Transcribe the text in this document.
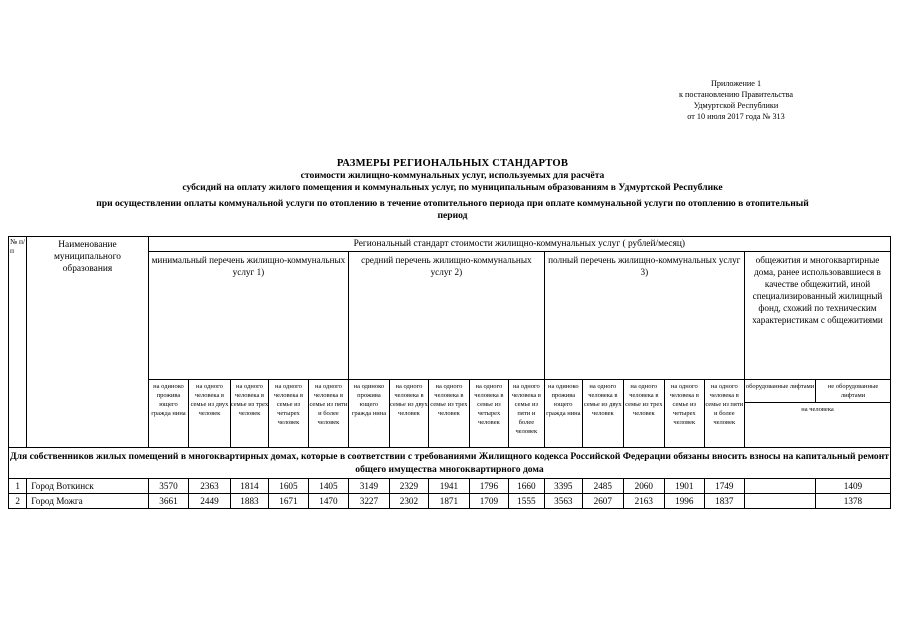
Приложение 1
к постановлению Правительства
Удмуртской Республики
от 10 июля 2017 года № 313
РАЗМЕРЫ РЕГИОНАЛЬНЫХ СТАНДАРТОВ
стоимости жилищно-коммунальных услуг, используемых для расчёта
субсидий на оплату жилого помещения и коммунальных услуг, по муниципальным образованиям в Удмуртской Республике
при осуществлении оплаты коммунальной услуги по отоплению в течение отопительного периода при оплате коммунальной услуги по отоплению в отопительный
период
№ п/п	Наименование муниципального образования	Региональный стандарт стоимости жилищно-коммунальных услуг ( рублей/месяц)																
		минимальный перечень жилищно-коммунальных услуг 1)					средний перечень жилищно-коммунальных услуг 2)					полный перечень жилищно-коммунальных услуг 3)					общежития и многоквартирные дома, ранее использовавшиеся в качестве общежитий, иной специализированный жилищный фонд, схожий по техническим характеристикам с общежитиями	
		на одиноко прожива ющего гражда нина	на одного человека в семье из двух человек	на одного человека в семье из трех человек	на одного человека в семье из четырех человек	на одного человека в семье из пяти и более человек	на одиноко прожива ющего гражда нина	на одного человека в семье из двух человек	на одного человека в семье из трех человек	на одного человека в семье из четырех человек	на одного человека в семье из пяти и более человек	на одиноко прожива ющего гражда нина	на одного человека в семье из двух человек	на одного человека в семье из трех человек	на одного человека в семье из четырех человек	на одного человека в семье из пяти и более человек	оборудованные лифтами не оборудованные лифтами
на человека	

Для собственников жилых помещений в многоквартирных домах, которые в соответствии с требованиями Жилищного кодекса Российской Федерации обязаны вносить взносы на капитальный ремонт общего имущества многоквартирного дома																		
1	Город Воткинск	3570	2363	1814	1605	1405	3149	2329	1941	1796	1660	3395	2485	2060	1901	1749		1409
2	Город Можга	3661	2449	1883	1671	1470	3227	2302	1871	1709	1555	3563	2607	2163	1996	1837		1378
